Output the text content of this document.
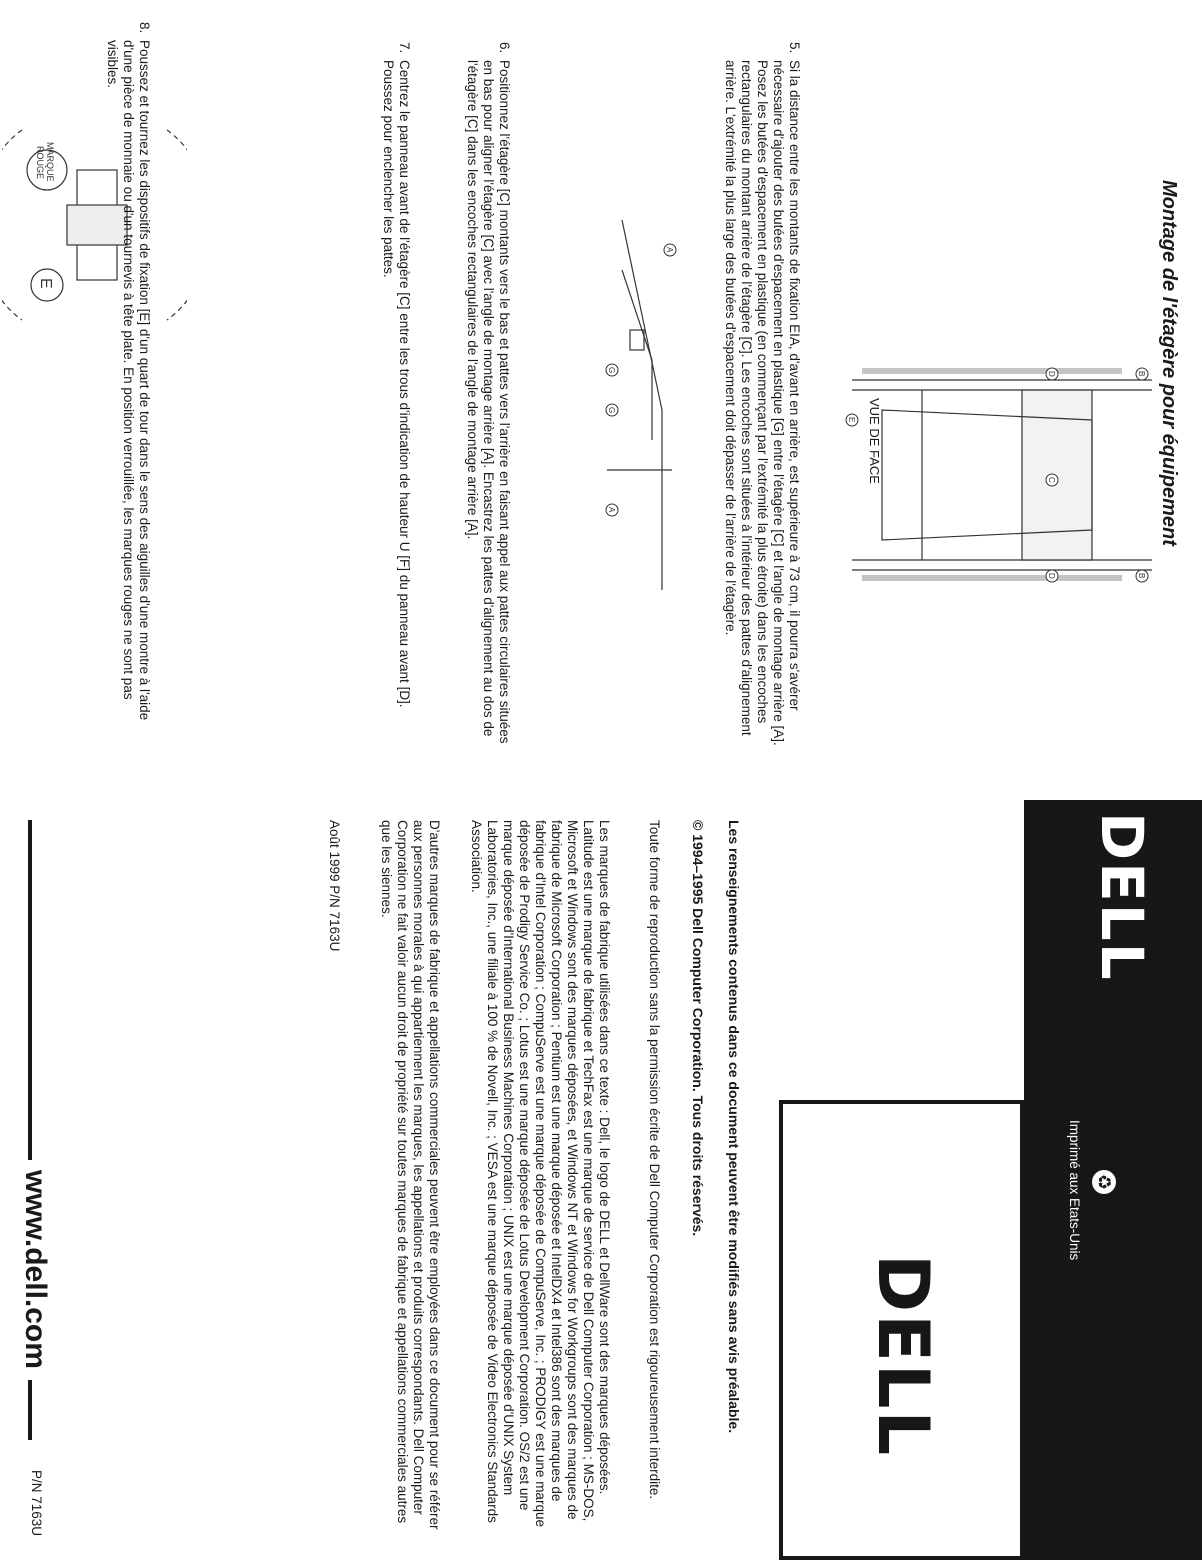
Montage de l'étagère pour équipement
B
D
C
D	B
E VUE DE FACE
5.
Si la distance entre les montants de fixation EIA, d'avant en arrière, est supérieure à 73 cm, il pourra s'avérer nécessaire d'ajouter des butées d'espacement en plastique [G] entre l'étagère [C] et l'angle de montage arrière [A]. Posez les butées d'espacement en plastique (en commençant par l'extrémité la plus étroite) dans les encoches rectangulaires du montant arrière de l'étagère [C]. Les encoches sont situées à l'intérieur des pattes d'alignement arrière. L'extrémité la plus large des butées d'espacement doit dépasser de l'arrière de l'étagère.
A
A
G
G
6.
Positionnez l'étagère [C] montants vers le bas et pattes vers l'arrière en faisant appel aux pattes circulaires situées en bas pour aligner l'étagère [C] avec l'angle de montage arrière [A]. Encastrez les pattes d'alignement au dos de l'étagère [C] dans les encoches rectangulaires de l'angle de montage arrière [A].
7.
Centrez le panneau avant de l'étagère [C] entre les trous d'indication de hauteur U [F] du panneau avant [D]. Poussez pour enclencher les pattes.
MARQUE
ROUGE
E
8.
Poussez et tournez les dispositifs de fixation [E] d'un quart de tour dans le sens des aiguilles d'une montre à l'aide d'une pièce de monnaie ou d'un tournevis à tête plate. En position verrouillée, les marques rouges ne sont pas visibles.
DELL
♻
Imprimé aux Etats-Unis
DELL
Les renseignements contenus dans ce document peuvent être modifiés sans avis préalable.
© 1994–1995 Dell Computer Corporation. Tous droits réservés.
Toute forme de reproduction sans la permission écrite de Dell Computer Corporation est rigoureusement interdite.
Les marques de fabrique utilisées dans ce texte : Dell, le logo de DELL et DellWare sont des marques déposées. Latitude est une marque de fabrique et TechFax est une marque de service de Dell Computer Corporation ; MS-DOS, Microsoft et Windows sont des marques déposées, et Windows NT et Windows for Workgroups sont des marques de fabrique de Microsoft Corporation ; Pentium est une marque déposée et IntelDX4 et Intel386 sont des marques de fabrique d'Intel Corporation ; CompuServe est une marque déposée de CompuServe, Inc. ; PRODIGY est une marque déposée de Prodigy Service Co. ; Lotus est une marque déposée de Lotus Development Corporation. OS/2 est une marque déposée d'International Business Machines Corporation ; UNIX est une marque déposée d'UNIX System Laboratories, Inc., une filiale à 100 % de Novell, Inc. ; VESA est une marque déposée de Video Electronics Standards Association.
D'autres marques de fabrique et appellations commerciales peuvent être employées dans ce document pour se référer aux personnes morales à qui appartiennent les marques, les appellations et produits correspondants. Dell Computer Corporation ne fait valoir aucun droit de propriété sur toutes marques de fabrique et appellations commerciales autres que les siennes.
Août 1999 P/N 7163U
www.dell.com
P/N 7163U
